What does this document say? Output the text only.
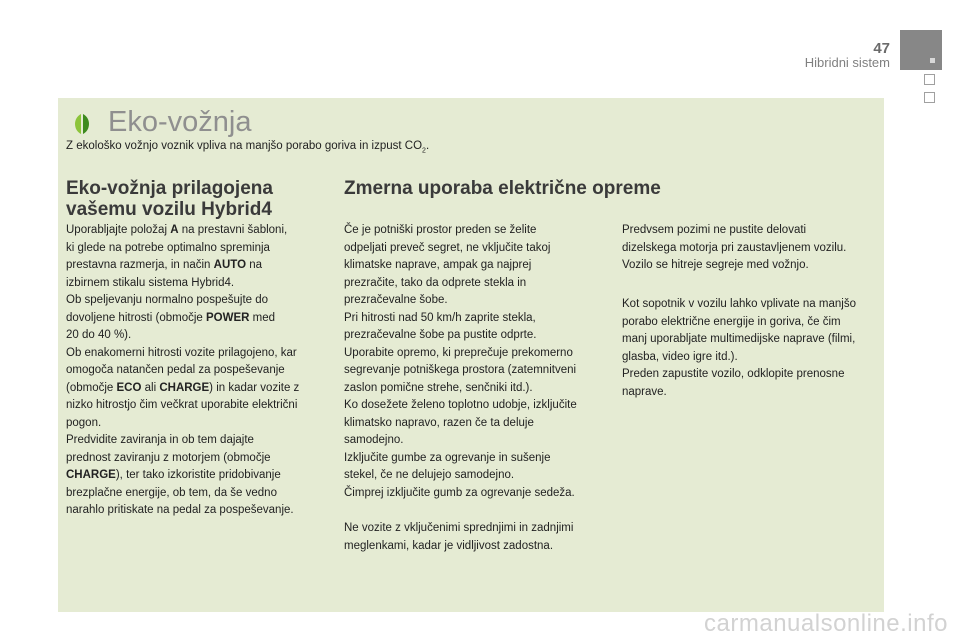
47
Hibridni sistem
Eko-vožnja
Z ekološko vožnjo voznik vpliva na manjšo porabo goriva in izpust $CO_2$.
Eko-vožnja prilagojena
vašemu vozilu Hybrid4
Zmerna uporaba električne opreme

Uporabljajte položaj A na prestavni šabloni,

ki glede na potrebe optimalno spreminja

prestavna razmerja, in način AUTO na

izbirnem stikalu sistema Hybrid4.

Ob speljevanju normalno pospešujte do

dovoljene hitrosti (območje POWER med

20 do 40 %).

Ob enakomerni hitrosti vozite prilagojeno, kar

omogoča natančen pedal za pospeševanje

(območje ECO ali CHARGE) in kadar vozite z

nizko hitrostjo čim večkrat uporabite električni

pogon.

Predvidite zaviranja in ob tem dajajte

prednost zaviranju z motorjem (območje

CHARGE), ter tako izkoristite pridobivanje

brezplačne energije, ob tem, da še vedno

narahlo pritiskate na pedal za pospeševanje.

Če je potniški prostor preden se želite

odpeljati preveč segret, ne vključite takoj

klimatske naprave, ampak ga najprej

prezračite, tako da odprete stekla in

prezračevalne šobe.

Pri hitrosti nad 50 km/h zaprite stekla,

prezračevalne šobe pa pustite odprte.

Uporabite opremo, ki preprečuje prekomerno

segrevanje potniškega prostora (zatemnitveni

zaslon pomične strehe, senčniki itd.).

Ko dosežete želeno toplotno udobje, izključite

klimatsko napravo, razen če ta deluje

samodejno.

Izključite gumbe za ogrevanje in sušenje

stekel, če ne delujejo samodejno.

Čimprej izključite gumb za ogrevanje sedeža.

Ne vozite z vključenimi sprednjimi in zadnjimi

meglenkami, kadar je vidljivost zadostna.

Predvsem pozimi ne pustite delovati

dizelskega motorja pri zaustavljenem vozilu.

Vozilo se hitreje segreje med vožnjo.

Kot sopotnik v vozilu lahko vplivate na manjšo

porabo električne energije in goriva, če čim

manj uporabljate multimedijske naprave (filmi,

glasba, video igre itd.).

Preden zapustite vozilo, odklopite prenosne

naprave.

carmanualsonline.info
